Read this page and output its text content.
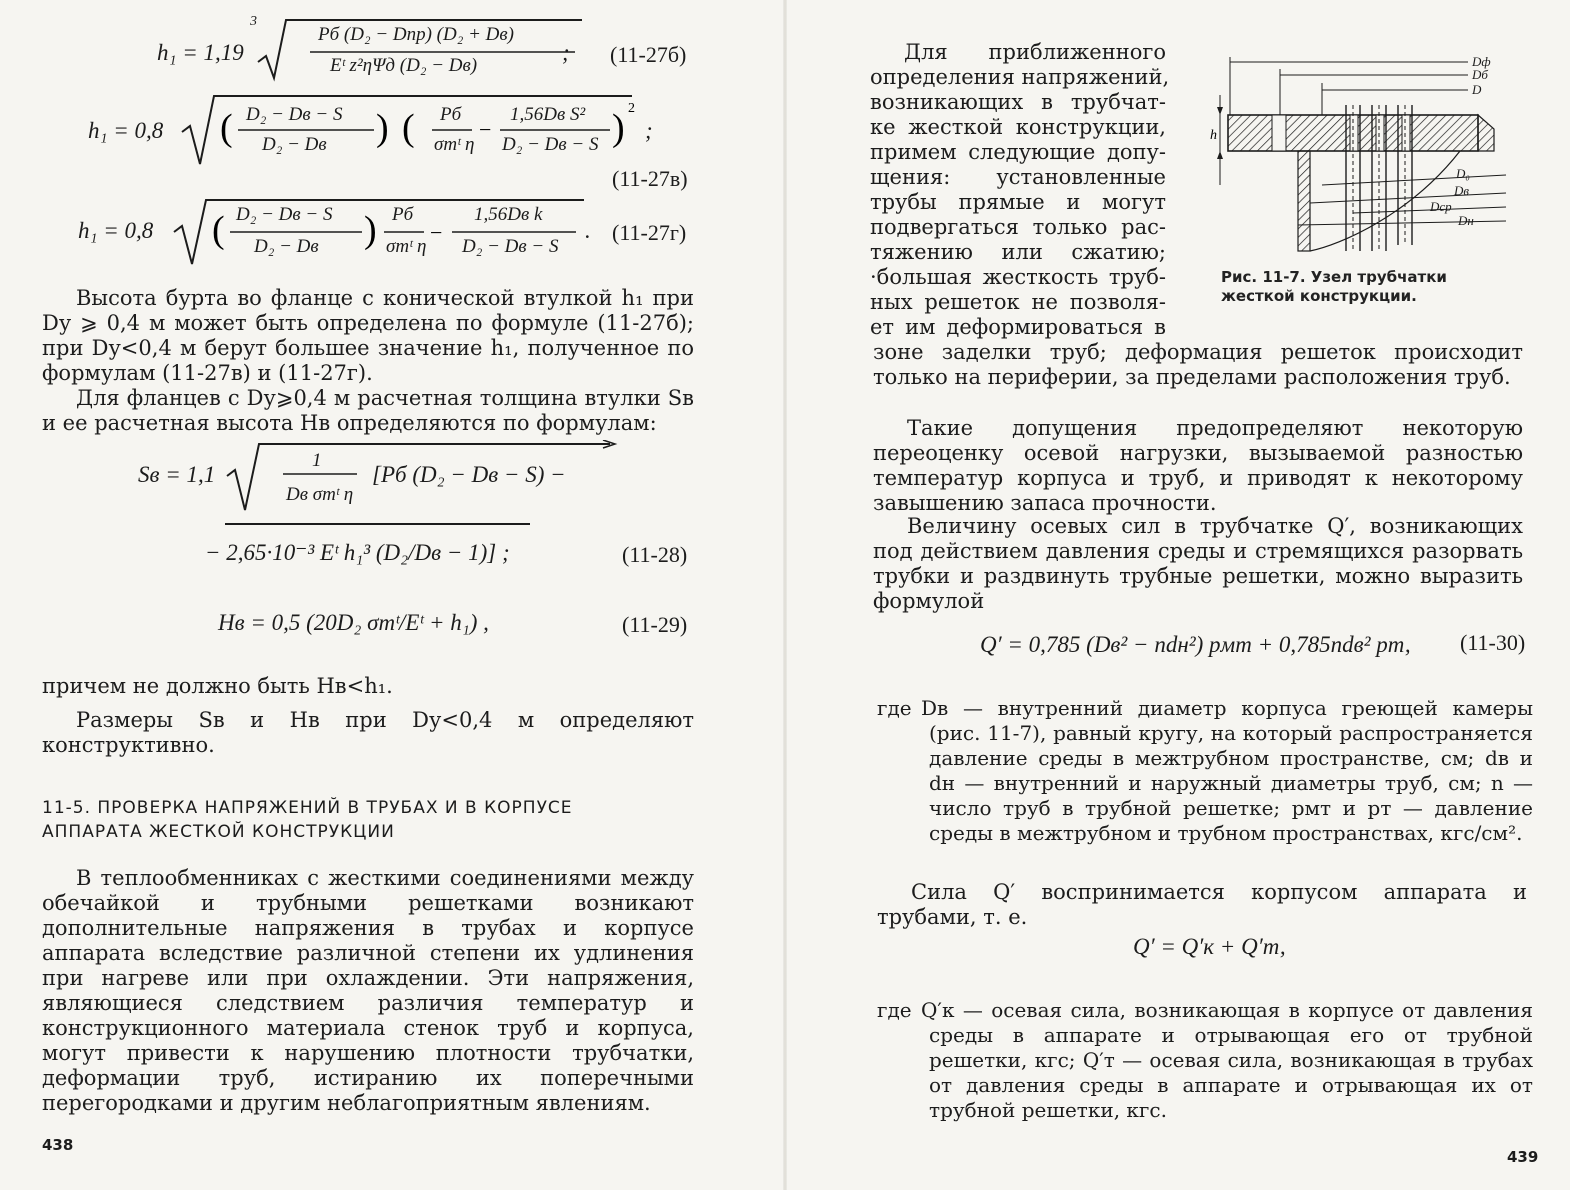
h₁ = 1,19
3
Pб (D₂ − Dпр) (D₂ + Dв)
Eᵗ z²ηΨд (D₂ − Dв)
; (11-27б)
h₁ = 0,8 (	) (	)
−
2
D₂ − Dв − S
D₂ − Dв
Pб
σтᵗ η
1,56Dв S²
D₂ − Dв − S
;
(11-27в)
h₁ = 0,8 (	) −
D₂ − Dв − S
D₂ − Dв
Pб
σтᵗ η
1,56Dв k
D₂ − Dв − S
. (11-27г)
Высота бурта во фланце с конической втулкой h₁ при Dу ⩾ 0,4 м может быть определена по формуле (11-27б); при Dу<0,4 м берут большее значение h₁, полученное по формулам (11-27в) и (11-27г).
Для фланцев с Dу⩾0,4 м расчетная толщина втулки Sв и ее расчетная высота Hв определяются по формулам:
Sв = 1,1
1
Dв σтᵗ η
[Pб (D₂ − Dв − S) −
− 2,65·10⁻³ Eᵗ h₁³ (D₂/Dв − 1)] ;	(11-28)
Hв = 0,5 (20D₂ σтᵗ/Eᵗ + h₁) ,	(11-29)
причем не должно быть Hв<h₁.
Размеры Sв и Hв при Dу<0,4 м определяют конструктивно.
11-5. ПРОВЕРКА НАПРЯЖЕНИЙ В ТРУБАХ И В КОРПУСЕ
АППАРАТА ЖЕСТКОЙ КОНСТРУКЦИИ
В теплообменниках с жесткими соединениями между обечайкой и трубными решетками возникают дополнительные напряжения в трубах и корпусе аппарата вследствие различной степени их удлинения при нагреве или при охлаждении. Эти напряжения, являющиеся следствием различия температур и конструкционного материала стенок труб и корпуса, могут привести к нарушению плотности трубчатки, деформации труб, истиранию их поперечными перегородками и другим неблагоприятным явлениям.
438
Для приближенного
определения напряжений,
возникающих в трубчат-
ке жесткой конструкции,
примем следующие допу-
щения: установленные
трубы прямые и могут
подвергаться только рас-
тяжению или сжатию;
·большая жесткость труб-
ных решеток не позволя-
ет им деформироваться в
h
Dф
Dб
D
D₀
Dв
Dср
Dн
Рис. 11-7. Узел трубчатки жесткой конструкции.
зоне заделки труб; деформация решеток происходит только на периферии, за пределами расположения труб.
Такие допущения предопределяют некоторую переоценку осевой нагрузки, вызываемой разностью температур корпуса и труб, и приводят к некоторому завышению запаса прочности.
Величину осевых сил в трубчатке Q′, возникающих под действием давления среды и стремящихся разорвать трубки и раздвинуть трубные решетки, можно выразить формулой
Q′ = 0,785 (Dв² − ndн²) pмт + 0,785ndв² pт, (11-30)
где Dв — внутренний диаметр корпуса греющей камеры (рис. 11-7), равный кругу, на который распространяется давление среды в межтрубном пространстве, см; dв и dн — внутренний и наружный диаметры труб, см; n — число труб в трубной решетке; pмт и pт — давление среды в межтрубном и трубном пространствах, кгс/см².
Сила Q′ воспринимается корпусом аппарата и трубами, т. е.
Q′ = Q′к + Q′т,
где Q′к — осевая сила, возникающая в корпусе от давления среды в аппарате и отрывающая его от трубной решетки, кгс; Q′т — осевая сила, возникающая в трубах от давления среды в аппарате и отрывающая их от трубной решетки, кгс.
439
